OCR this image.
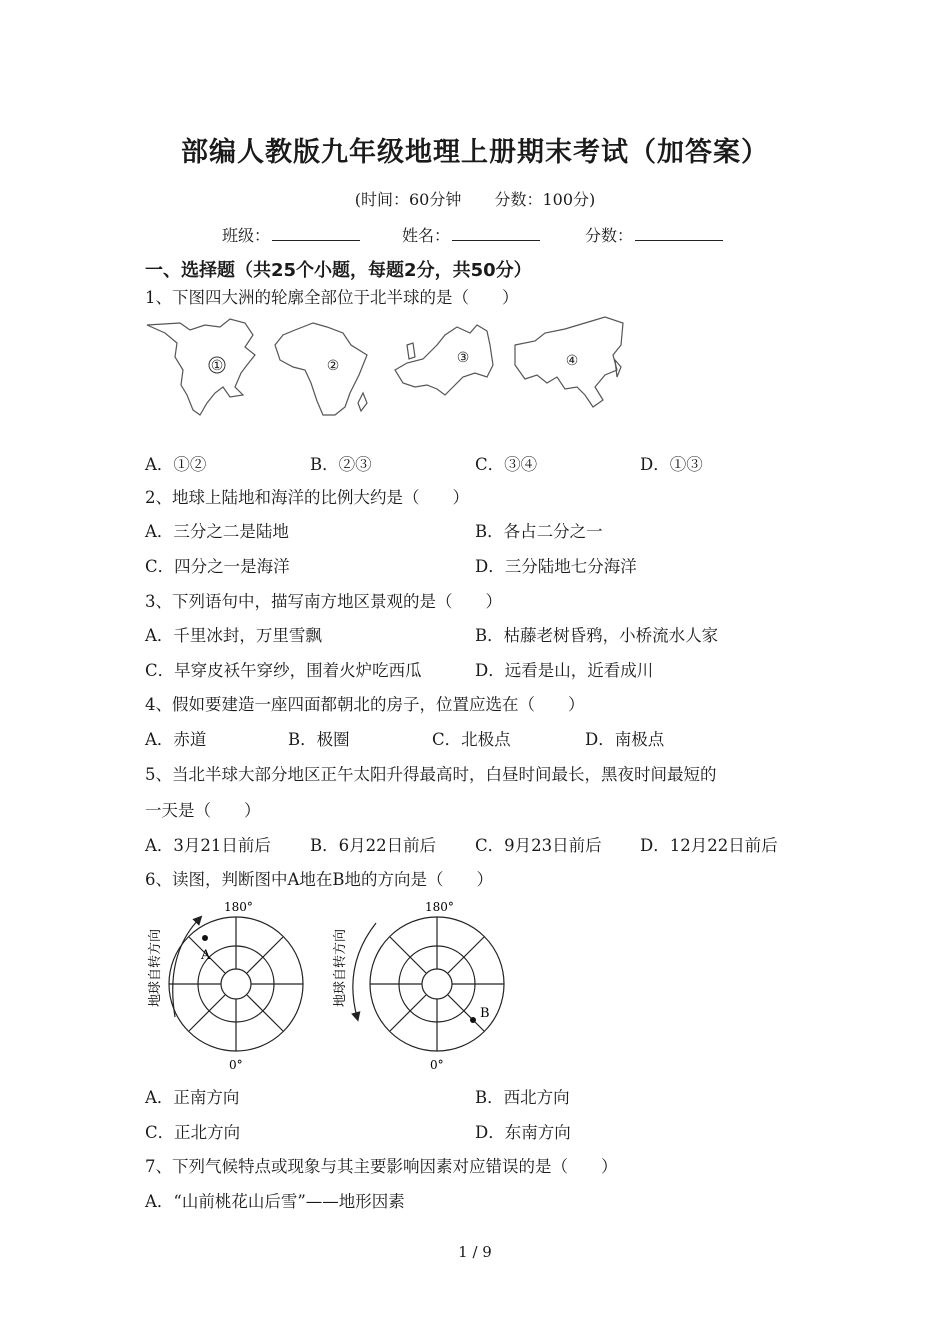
部编人教版九年级地理上册期末考试（加答案）
(时间：60分钟 分数：100分)
班级：	姓名：	分数：
一、选择题（共25个小题，每题2分，共50分）
1、下图四大洲的轮廓全部位于北半球的是（　　）
①	②	③	④
A．①②	B．②③	C．③④	D．①③
2、地球上陆地和海洋的比例大约是（　　）
A．三分之二是陆地	B．各占二分之一
C．四分之一是海洋	D．三分陆地七分海洋
3、下列语句中，描写南方地区景观的是（　　）
A．千里冰封，万里雪飘	B．枯藤老树昏鸦，小桥流水人家
C．早穿皮袄午穿纱，围着火炉吃西瓜	D．远看是山，近看成川
4、假如要建造一座四面都朝北的房子，位置应选在（　　）
A．赤道	B．极圈	C．北极点	D．南极点
5、当北半球大部分地区正午太阳升得最高时，白昼时间最长，黑夜时间最短的
一天是（　　）
A．3月21日前后 B．6月22日前后 C．9月23日前后 D．12月22日前后
6、读图，判断图中A地在B地的方向是（　　）
地球自转方向	A
180°
0°
地球自转方向
B
180°
0°
A．正南方向	B．西北方向
C．正北方向	D．东南方向
7、下列气候特点或现象与其主要影响因素对应错误的是（　　）
A．“山前桃花山后雪”——地形因素
1 / 9
